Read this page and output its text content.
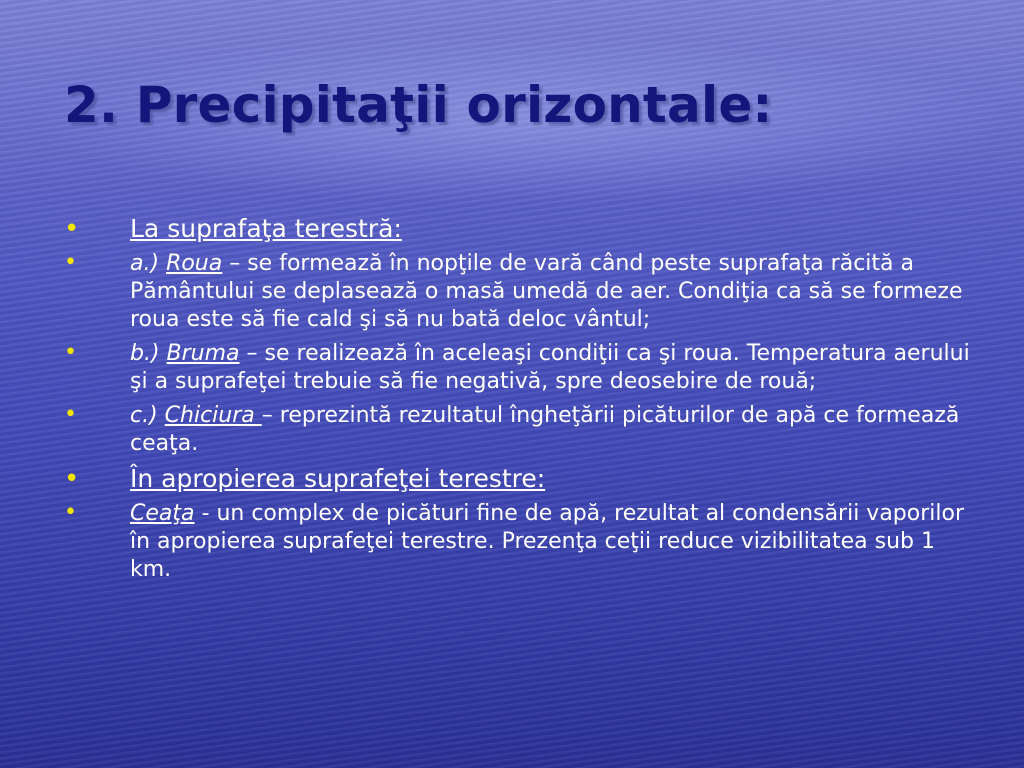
2. Precipitaţii orizontale:
• La suprafaţa terestră:
• a.) Roua – se formează în nopţile de vară când peste suprafaţa răcită a Pământului se deplasează o masă umedă de aer. Condiţia ca să se formeze roua este să fie cald şi să nu bată deloc vântul;
• b.) Bruma – se realizează în aceleaşi condiţii ca şi roua. Temperatura aerului şi a suprafeţei trebuie să fie negativă, spre deosebire de rouă;
• c.) Chiciura – reprezintă rezultatul îngheţării picăturilor de apă ce formează ceaţa.
• În apropierea suprafeţei terestre:
• Ceaţa - un complex de picături fine de apă, rezultat al condensării vaporilor în apropierea suprafeţei terestre. Prezenţa ceţii reduce vizibilitatea sub 1 km.
